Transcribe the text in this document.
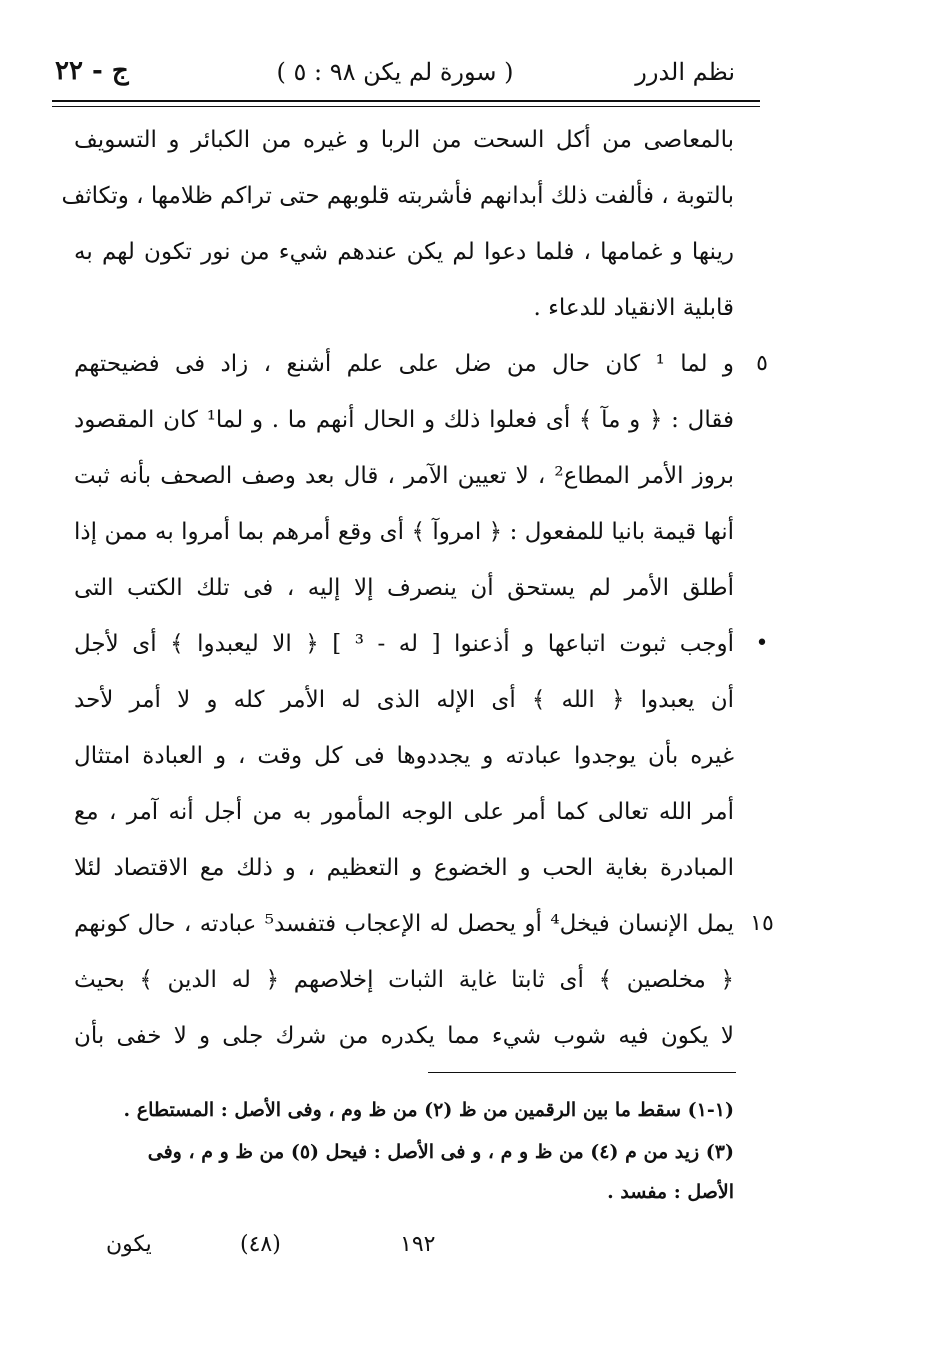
نظم الدرر
( سورة لم يكن ٩٨ : ٥ )
ج - ٢٢
بالمعاصى من أكل السحت من الربا و غيره من الكبائر و التسويف
بالتوبة ، فألفت ذلك أبدانهم فأشربته قلوبهم حتى تراكم ظلامها ، وتكاثف
رينها و غمامها ، فلما دعوا لم يكن عندهم شيء من نور تكون لهم به
قابلية الانقياد للدعاء .
و لما ¹ كان حال من ضل على علم أشنع ، زاد فى فضيحتهم
فقال : ﴿ و مآ ﴾ أى فعلوا ذلك و الحال أنهم ما . و لما¹ كان المقصود
بروز الأمر المطاع² ، لا تعيين الآمر ، قال بعد وصف الصحف بأنه ثبت
أنها قيمة بانيا للمفعول : ﴿ امروآ ﴾ أى وقع أمرهم بما أمروا به ممن إذا
أطلق الأمر لم يستحق أن ينصرف إلا إليه ، فى تلك الكتب التى
أوجب ثبوت اتباعها و أذعنوا [ له - ³ ] ﴿ الا ليعبدوا ﴾ أى لأجل
أن يعبدوا ﴿ الله ﴾ أى الإله الذى له الأمر كله و لا أمر لأحد
غيره بأن يوجدوا عبادته و يجددوها فى كل وقت ، و العبادة امتثال
أمر الله تعالى كما أمر على الوجه المأمور به من أجل أنه آمر ، مع
المبادرة بغاية الحب و الخضوع و التعظيم ، و ذلك مع الاقتصاد لئلا
يمل الإنسان فيخل⁴ أو يحصل له الإعجاب فتفسد⁵ عبادته ، حال كونهم
﴿ مخلصين ﴾ أى ثابتا غاية الثبات إخلاصهم ﴿ له الدين ﴾ بحيث
لا يكون فيه شوب شيء مما يكدره من شرك جلى و لا خفى بأن
٥
•
١٥
(١-١) سقط ما بين الرقمين من ظ (٢) من ظ وم ، وفى الأصل : المستطاع .
(٣) زيد من م (٤) من ظ و م ، و فى الأصل : فيحل (٥) من ظ و م ، وفى
الأصل : مفسد .
يكون	(٤٨)	١٩٢
